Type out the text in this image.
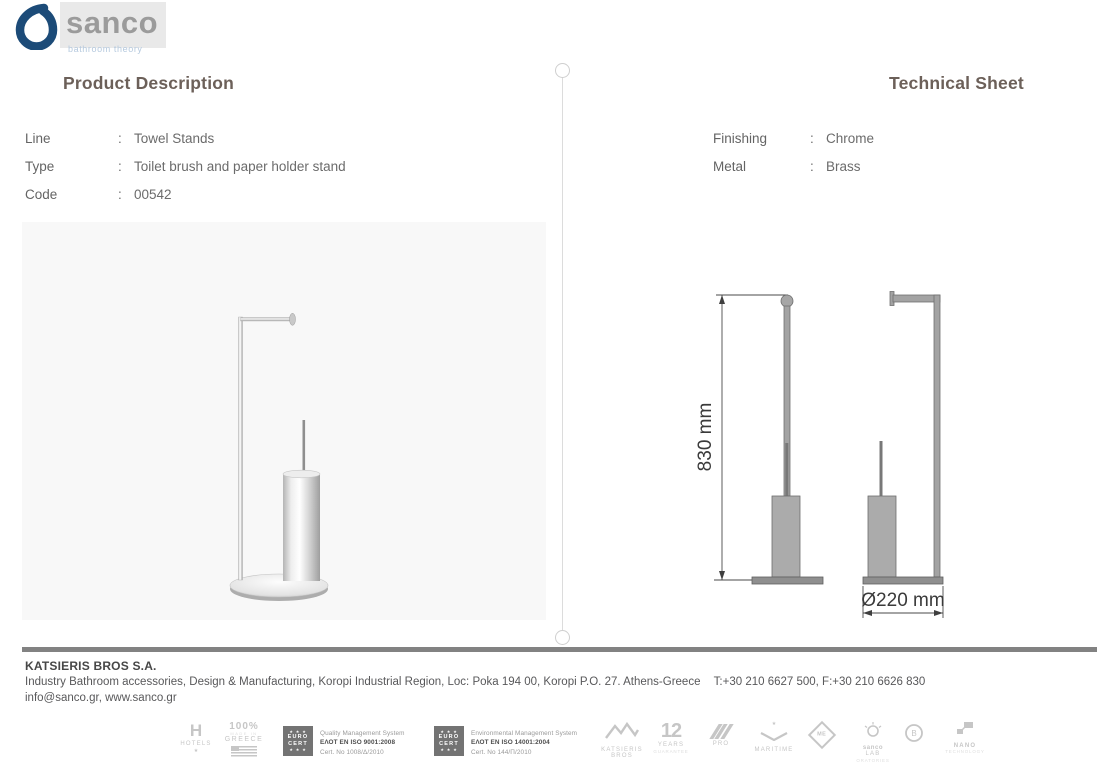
sanco
bathroom theory
Product Description	Technical Sheet
Line	: Towel Stands
Type	: Toilet brush and paper holder stand
Code	: 00542
Finishing	: Chrome
Metal	: Brass
830 mm
Ø220 mm
KATSIERIS BROS S.A.
Industry Bathroom accessories, Design & Manufacturing, Koropi Industrial Region, Loc: Poka 194 00, Koropi P.O. 27. Athens-Greece T:+30 210 6627 500, F:+30 210 6626 830
info@sanco.gr, www.sanco.gr
H
HOTELS
★
100%
MADE IN
GREECE
★ ★ ★
EURO
CERT
★ ★ ★
Quality Management System
ΕΛΟΤ EN ISO 9001:2008
Cert. No 1008/Δ/2010
★ ★ ★
EURO
CERT
★ ★ ★
Environmental Management System
ΕΛΟΤ EN ISO 14001:2004
Cert. No 144/Π/2010	KATSIERIS
BROS
12
YEARS
GUARANTEE
PRO
★
MARITIME
ME
sanco
LAB
ORATORIES
B
NANO
TECHNOLOGY
